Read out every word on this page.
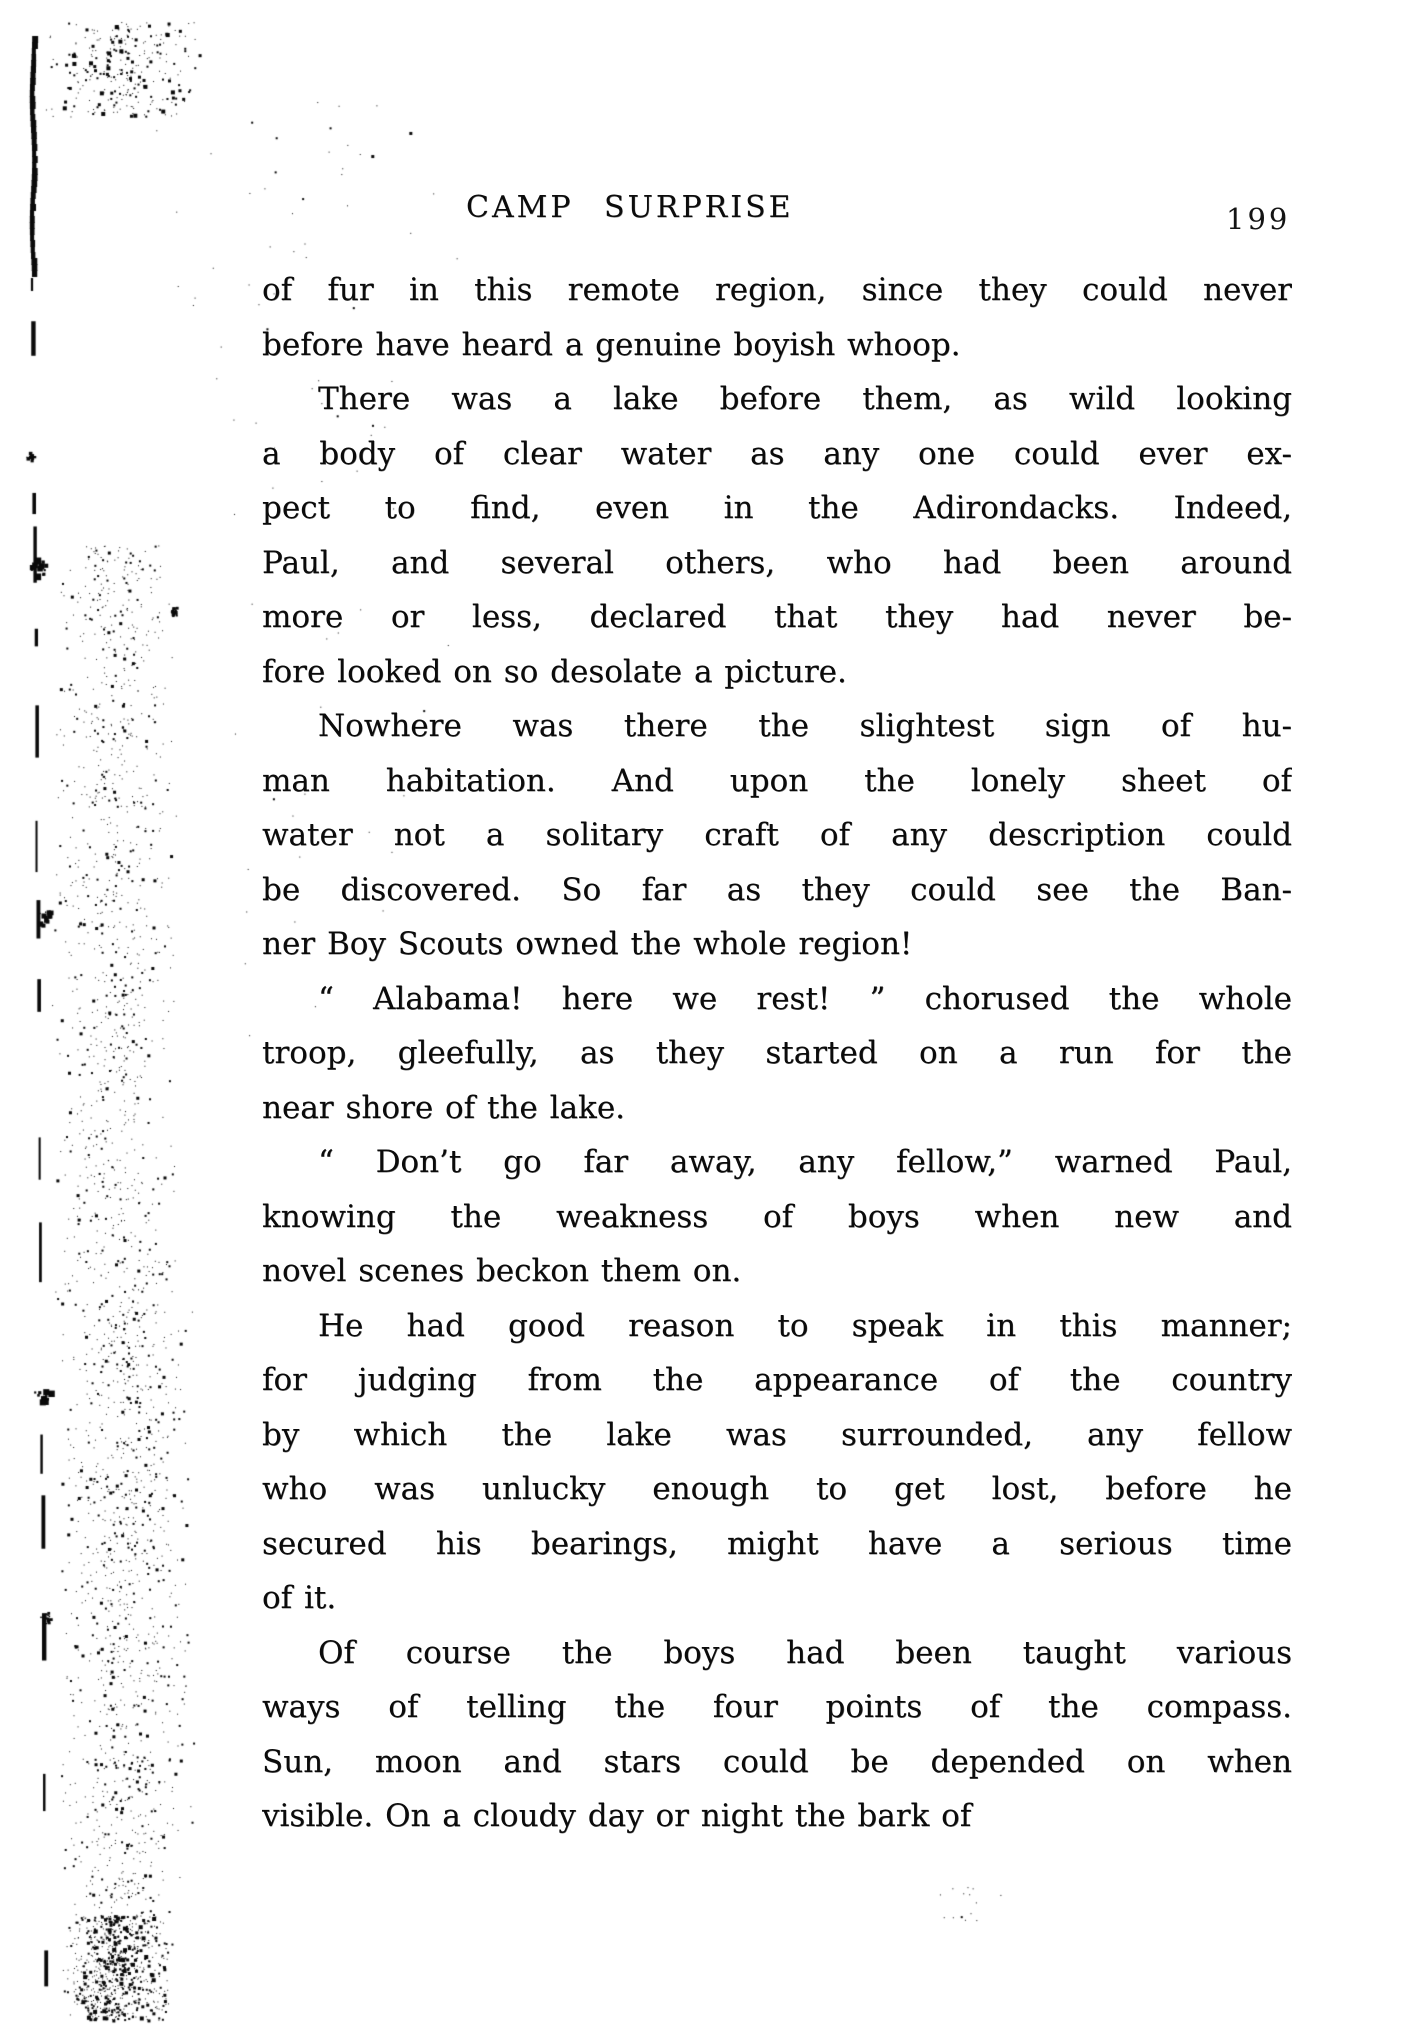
CAMP SURPRISE	199

of fur in this remote region, since they could never
before have heard a genuine boyish whoop.

There was a lake before them, as wild looking
a body of clear water as any one could ever ex-
pect to find, even in the Adirondacks. Indeed,
Paul, and several others, who had been around
more or less, declared that they had never be-
fore looked on so desolate a picture.

Nowhere was there the slightest sign of hu-
man habitation. And upon the lonely sheet of
water not a solitary craft of any description could
be discovered. So far as they could see the Ban-
ner Boy Scouts owned the whole region!

“ Alabama! here we rest! ” chorused the whole
troop, gleefully, as they started on a run for the
near shore of the lake.

“ Don’t go far away, any fellow,” warned Paul,
knowing the weakness of boys when new and
novel scenes beckon them on.

He had good reason to speak in this manner;
for judging from the appearance of the country
by which the lake was surrounded, any fellow
who was unlucky enough to get lost, before he
secured his bearings, might have a serious time
of it.

Of course the boys had been taught various
ways of telling the four points of the compass.
Sun, moon and stars could be depended on when
visible. On a cloudy day or night the bark of
